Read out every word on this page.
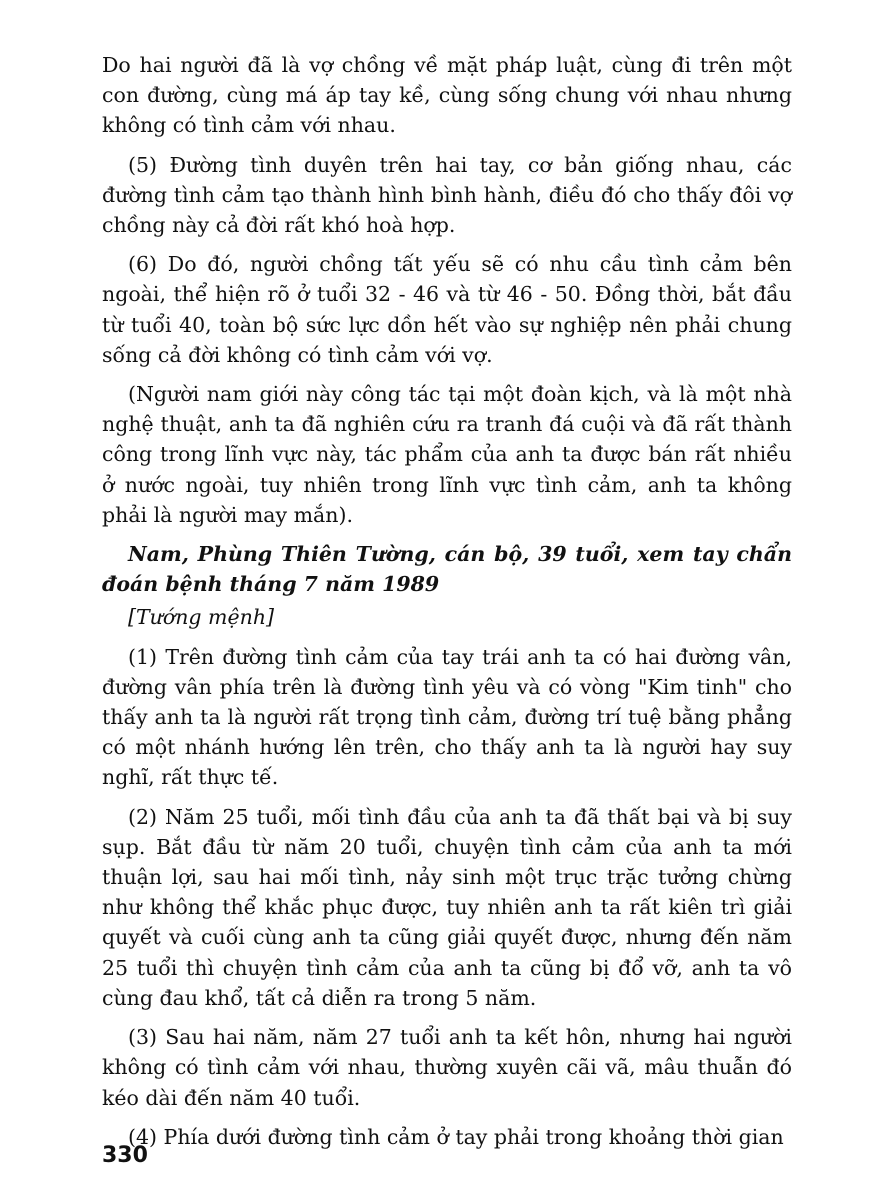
Do hai người đã là vợ chồng về mặt pháp luật, cùng đi trên một con đường, cùng má áp tay kề, cùng sống chung với nhau nhưng không có tình cảm với nhau.

(5) Đường tình duyên trên hai tay, cơ bản giống nhau, các đường tình cảm tạo thành hình bình hành, điều đó cho thấy đôi vợ chồng này cả đời rất khó hoà hợp.

(6) Do đó, người chồng tất yếu sẽ có nhu cầu tình cảm bên ngoài, thể hiện rõ ở tuổi 32 - 46 và từ 46 - 50. Đồng thời, bắt đầu từ tuổi 40, toàn bộ sức lực dồn hết vào sự nghiệp nên phải chung sống cả đời không có tình cảm với vợ.

(Người nam giới này công tác tại một đoàn kịch, và là một nhà nghệ thuật, anh ta đã nghiên cứu ra tranh đá cuội và đã rất thành công trong lĩnh vực này, tác phẩm của anh ta được bán rất nhiều ở nước ngoài, tuy nhiên trong lĩnh vực tình cảm, anh ta không phải là người may mắn).

Nam, Phùng Thiên Tường, cán bộ, 39 tuổi, xem tay chẩn đoán bệnh tháng 7 năm 1989

[Tướng mệnh]

(1) Trên đường tình cảm của tay trái anh ta có hai đường vân, đường vân phía trên là đường tình yêu và có vòng "Kim tinh" cho thấy anh ta là người rất trọng tình cảm, đường trí tuệ bằng phẳng có một nhánh hướng lên trên, cho thấy anh ta là người hay suy nghĩ, rất thực tế.

(2) Năm 25 tuổi, mối tình đầu của anh ta đã thất bại và bị suy sụp. Bắt đầu từ năm 20 tuổi, chuyện tình cảm của anh ta mới thuận lợi, sau hai mối tình, nảy sinh một trục trặc tưởng chừng như không thể khắc phục được, tuy nhiên anh ta rất kiên trì giải quyết và cuối cùng anh ta cũng giải quyết được, nhưng đến năm 25 tuổi thì chuyện tình cảm của anh ta cũng bị đổ vỡ, anh ta vô cùng đau khổ, tất cả diễn ra trong 5 năm.

(3) Sau hai năm, năm 27 tuổi anh ta kết hôn, nhưng hai người không có tình cảm với nhau, thường xuyên cãi vã, mâu thuẫn đó kéo dài đến năm 40 tuổi.

(4) Phía dưới đường tình cảm ở tay phải trong khoảng thời gian

330
